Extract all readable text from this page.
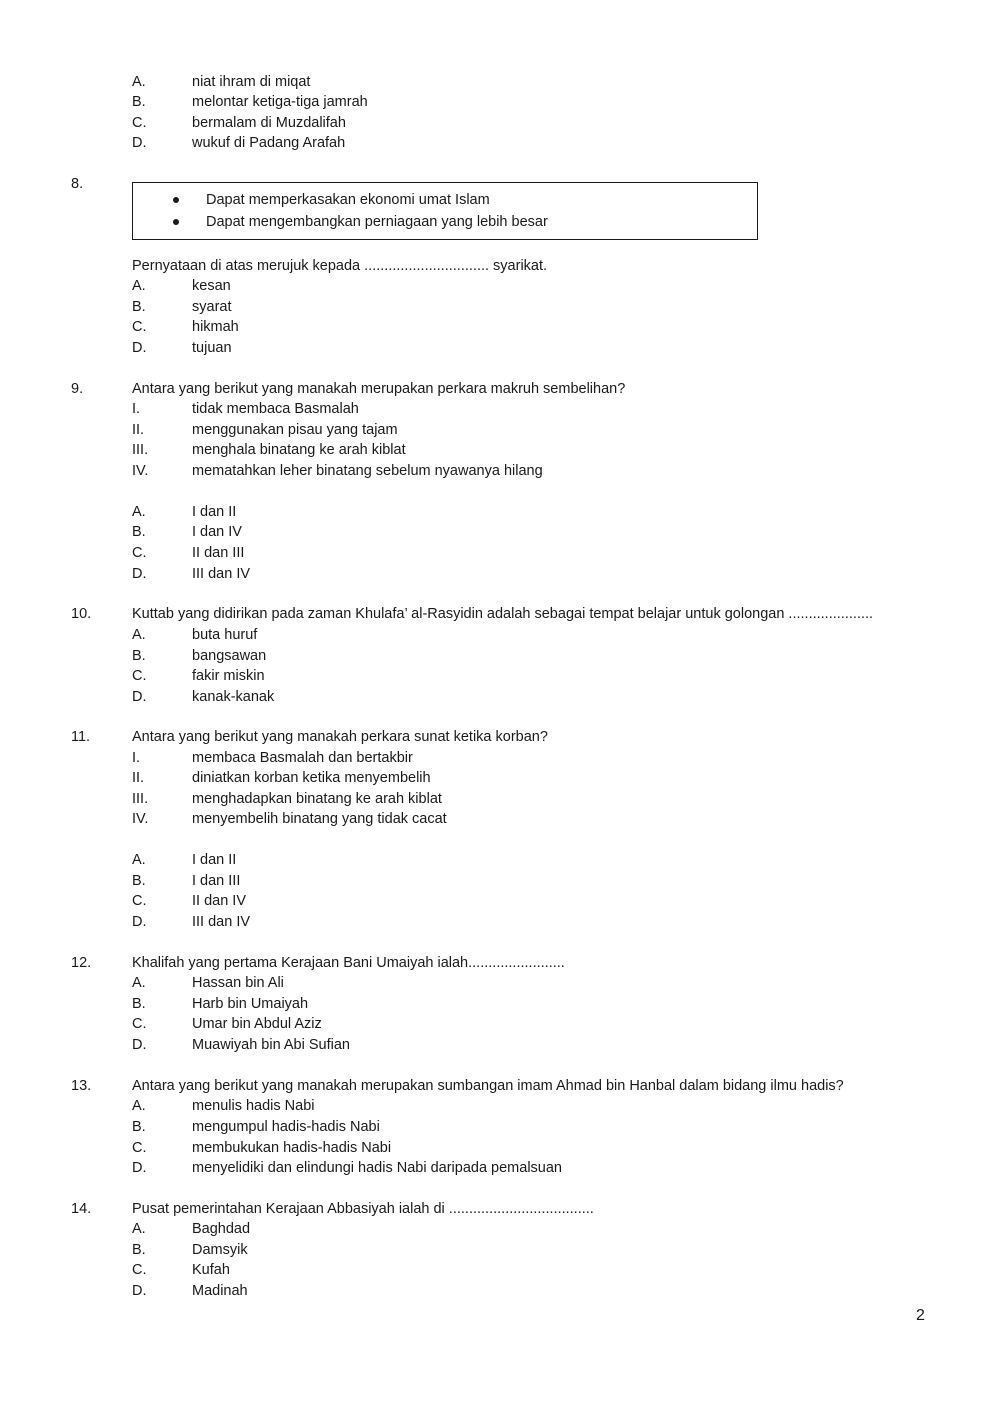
A.	niat ihram di miqat
B.	melontar ketiga-tiga jamrah
C.	bermalam di Muzdalifah
D.	wukuf di Padang Arafah
8.
Dapat memperkasakan ekonomi umat Islam
Dapat mengembangkan perniagaan yang lebih besar
Pernyataan di atas merujuk kepada ............................... syarikat.
A.	kesan
B.	syarat
C.	hikmah
D.	tujuan
9.	Antara yang berikut yang manakah merupakan perkara makruh sembelihan?
I.	tidak membaca Basmalah
II.	menggunakan pisau yang tajam
III.	menghala binatang ke arah kiblat
IV.	mematahkan leher binatang sebelum nyawanya hilang
A.	I dan II
B.	I dan IV
C.	II dan III
D.	III dan IV
10.	Kuttab yang didirikan pada zaman Khulafa’ al-Rasyidin adalah sebagai tempat belajar untuk golongan .....................
A.	buta huruf
B.	bangsawan
C.	fakir miskin
D.	kanak-kanak
11.	Antara yang berikut yang manakah perkara sunat ketika korban?
I.	membaca Basmalah dan bertakbir
II.	diniatkan korban ketika menyembelih
III.	menghadapkan binatang ke arah kiblat
IV.	menyembelih binatang yang tidak cacat
A.	I dan II
B.	I dan III
C.	II dan IV
D.	III dan IV
12.	Khalifah yang pertama Kerajaan Bani Umaiyah ialah........................
A.	Hassan bin Ali
B.	Harb bin Umaiyah
C.	Umar bin Abdul Aziz
D.	Muawiyah bin Abi Sufian
13.	Antara yang berikut yang manakah merupakan sumbangan imam Ahmad bin Hanbal dalam bidang ilmu hadis?
A.	menulis hadis Nabi
B.	mengumpul hadis-hadis Nabi
C.	membukukan hadis-hadis Nabi
D.	menyelidiki dan elindungi hadis Nabi daripada pemalsuan
14.	Pusat pemerintahan Kerajaan Abbasiyah ialah di ....................................
A.	Baghdad
B.	Damsyik
C.	Kufah
D.	Madinah
2
